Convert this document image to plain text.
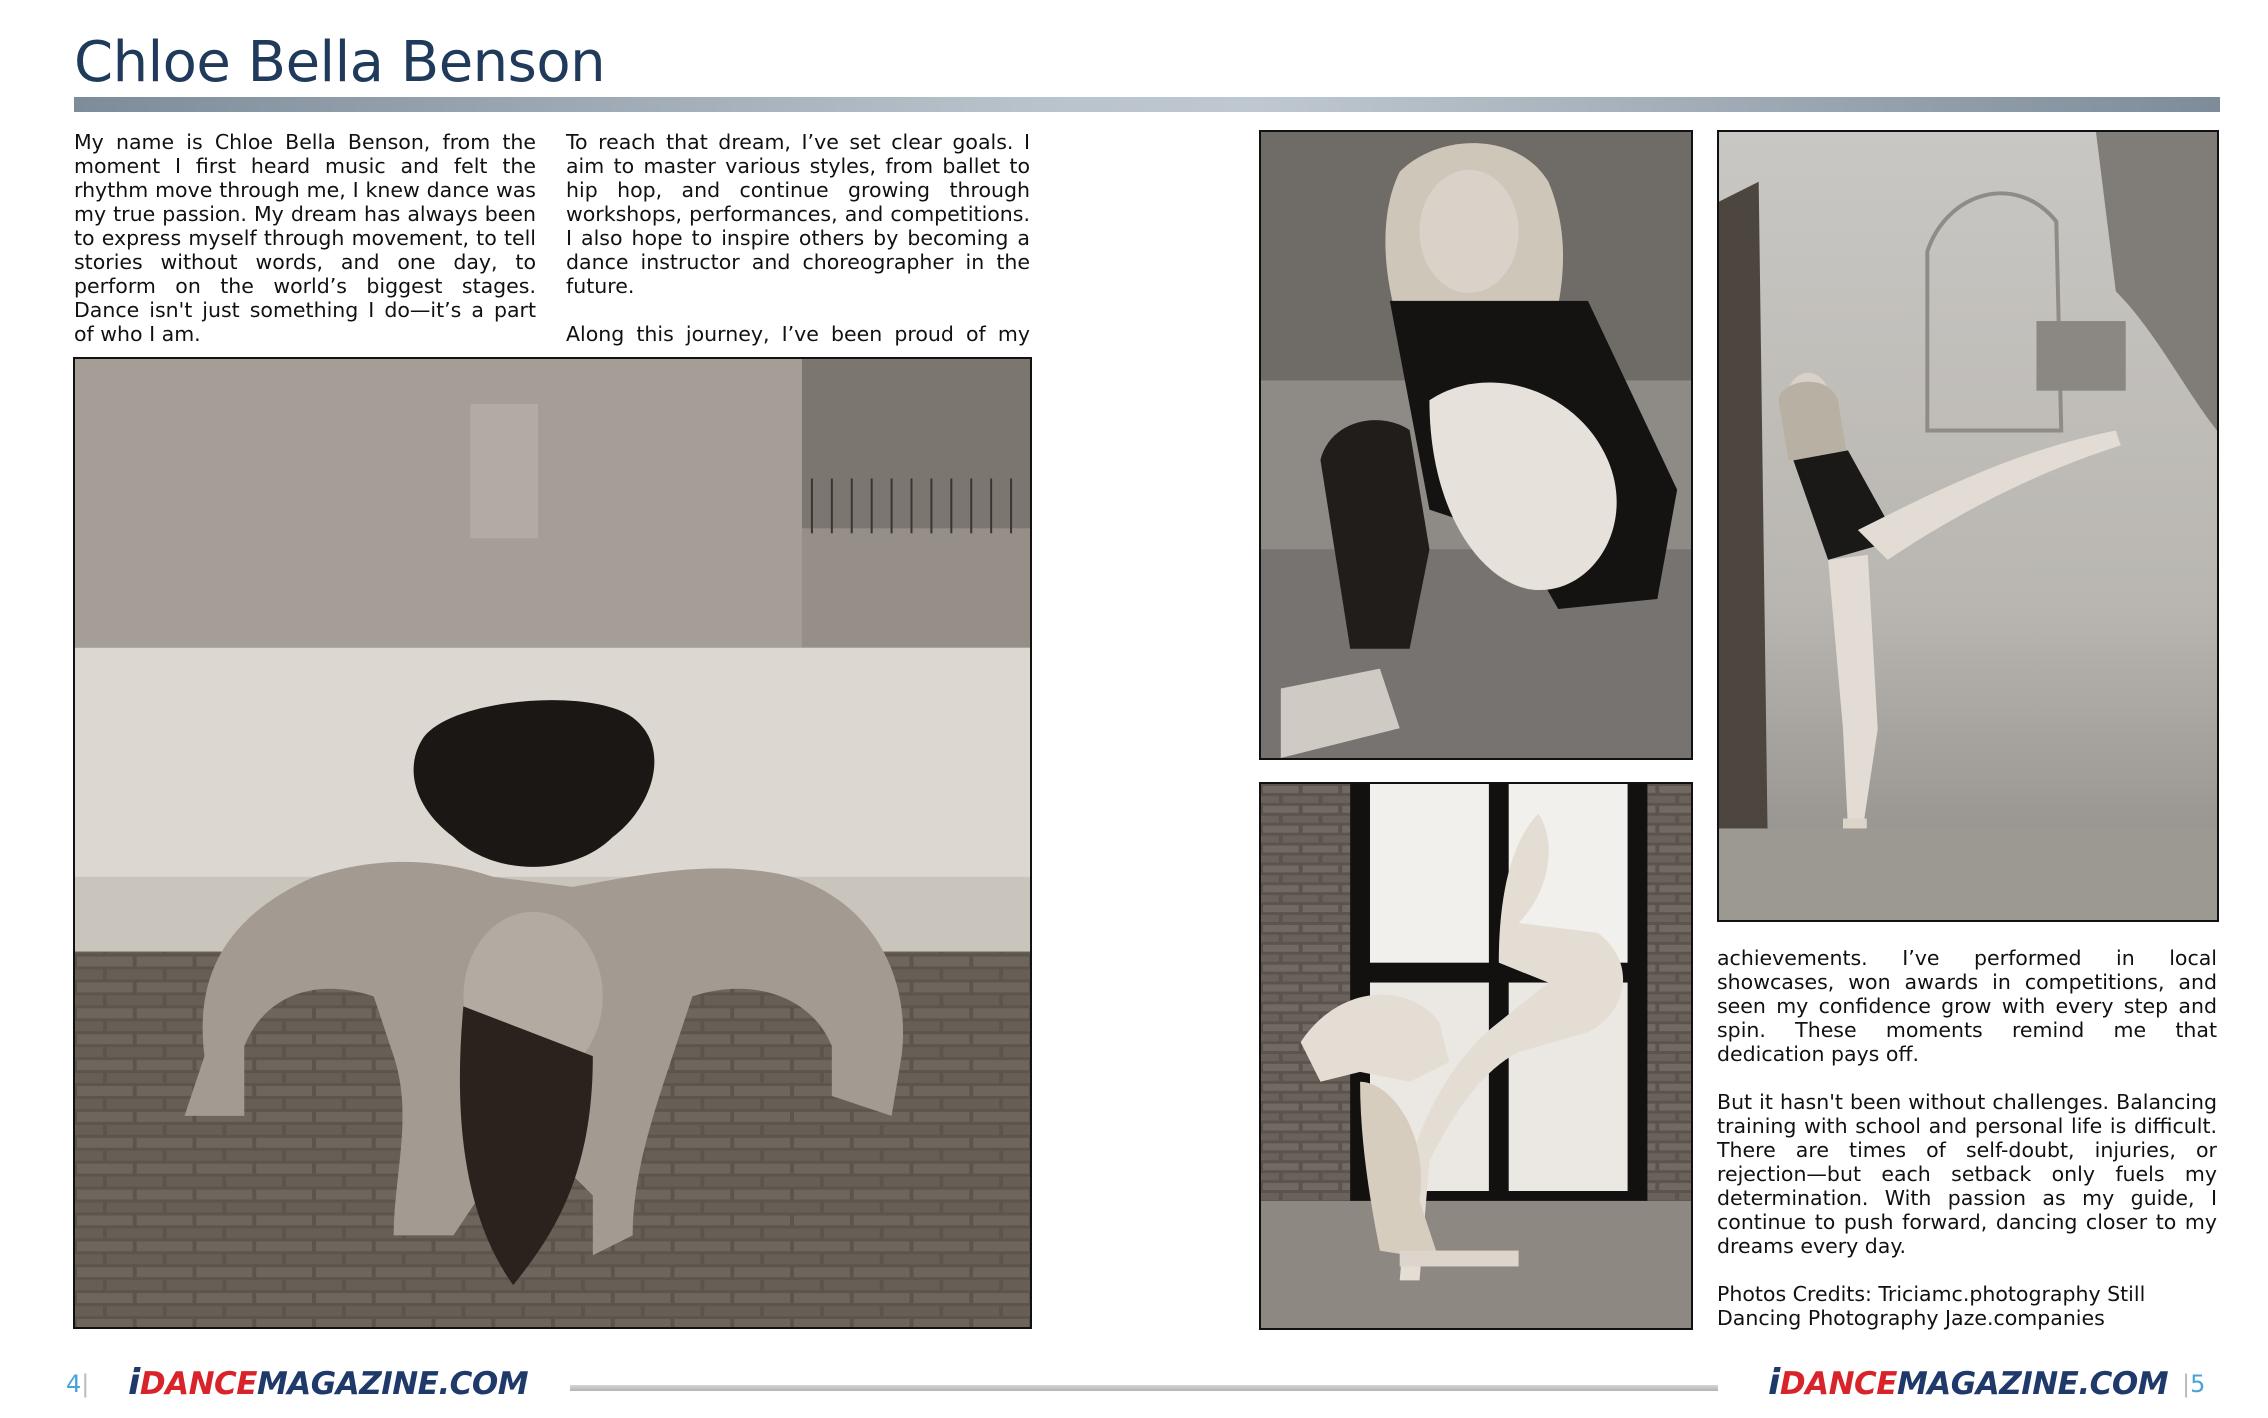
Chloe Bella Benson

My name is Chloe Bella Benson, from the moment I first heard music and felt the rhythm move through me, I knew dance was my true passion. My dream has always been to express myself through movement, to tell stories without words, and one day, to perform on the world’s biggest stages. Dance isn't just something I do—it’s a part of who I am.

To reach that dream, I’ve set clear goals. I aim to master various styles, from ballet to hip hop, and continue growing through workshops, performances, and competitions. I also hope to inspire others by becoming a dance instructor and choreographer in the future.

Along this journey, I’ve been proud of my

achievements. I’ve performed in local showcases, won awards in competitions, and seen my confidence grow with every step and spin. These moments remind me that dedication pays off.

But it hasn't been without challenges. Balancing training with school and personal life is difficult. There are times of self-doubt, injuries, or rejection—but each setback only fuels my determination. With passion as my guide, I continue to push forward, dancing closer to my dreams every day.

Photos Credits: Triciamc.photography Still Dancing Photography Jaze.companies

4| iDANCEMAGAZINE.COM	iDANCEMAGAZINE.COM |5
